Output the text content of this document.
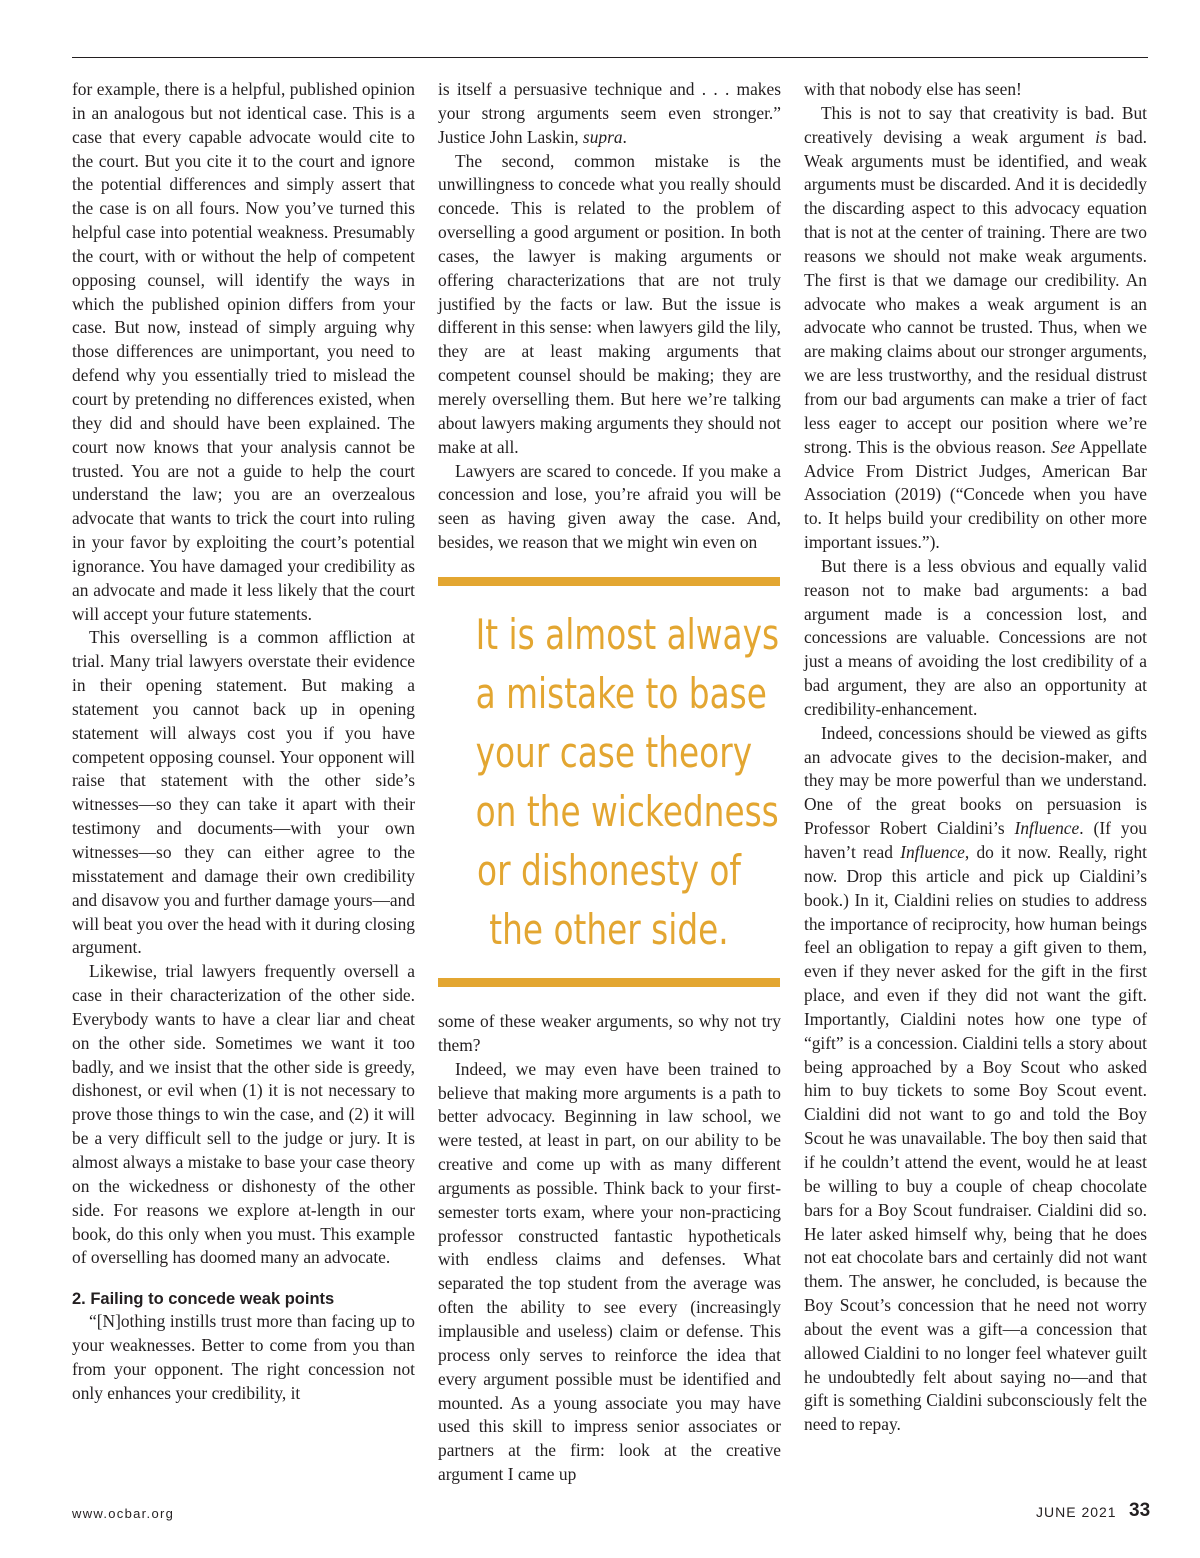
for example, there is a helpful, published opinion in an analogous but not identical case. This is a case that every capable advocate would cite to the court. But you cite it to the court and ignore the potential differences and simply assert that the case is on all fours. Now you’ve turned this helpful case into potential weakness. Presumably the court, with or without the help of competent opposing counsel, will identify the ways in which the published opinion differs from your case. But now, instead of simply arguing why those differences are unimportant, you need to defend why you essentially tried to mislead the court by pretending no differences existed, when they did and should have been explained. The court now knows that your analysis cannot be trusted. You are not a guide to help the court understand the law; you are an overzealous advocate that wants to trick the court into ruling in your favor by exploiting the court’s potential ignorance. You have damaged your credibility as an advocate and made it less likely that the court will accept your future statements.

This overselling is a common affliction at trial. Many trial lawyers overstate their evidence in their opening statement. But making a statement you cannot back up in opening statement will always cost you if you have competent opposing counsel. Your opponent will raise that statement with the other side’s witnesses—so they can take it apart with their testimony and documents—with your own witnesses—so they can either agree to the misstatement and damage their own credibility and disavow you and further damage yours—and will beat you over the head with it during closing argument.

Likewise, trial lawyers frequently oversell a case in their characterization of the other side. Everybody wants to have a clear liar and cheat on the other side. Sometimes we want it too badly, and we insist that the other side is greedy, dishonest, or evil when (1) it is not necessary to prove those things to win the case, and (2) it will be a very difficult sell to the judge or jury. It is almost always a mistake to base your case theory on the wickedness or dishonesty of the other side. For reasons we explore at-length in our book, do this only when you must. This example of overselling has doomed many an advocate.

2. Failing to concede weak points

“[N]othing instills trust more than facing up to your weaknesses. Better to come from you than from your opponent. The right concession not only enhances your credibility, it

is itself a persuasive technique and . . . makes your strong arguments seem even stronger.” Justice John Laskin, supra.

The second, common mistake is the unwillingness to concede what you really should concede. This is related to the problem of overselling a good argument or position. In both cases, the lawyer is making arguments or offering characterizations that are not truly justified by the facts or law. But the issue is different in this sense: when lawyers gild the lily, they are at least making arguments that competent counsel should be making; they are merely overselling them. But here we’re talking about lawyers making arguments they should not make at all.

Lawyers are scared to concede. If you make a concession and lose, you’re afraid you will be seen as having given away the case. And, besides, we reason that we might win even on

It is almost always
a mistake to base
your case theory
on the wickedness
or dishonesty of
the other side.

some of these weaker arguments, so why not try them?

Indeed, we may even have been trained to believe that making more arguments is a path to better advocacy. Beginning in law school, we were tested, at least in part, on our ability to be creative and come up with as many different arguments as possible. Think back to your first-semester torts exam, where your non-practicing professor constructed fantastic hypotheticals with endless claims and defenses. What separated the top student from the average was often the ability to see every (increasingly implausible and useless) claim or defense. This process only serves to reinforce the idea that every argument possible must be identified and mounted. As a young associate you may have used this skill to impress senior associates or partners at the firm: look at the creative argument I came up

with that nobody else has seen!

This is not to say that creativity is bad. But creatively devising a weak argument is bad. Weak arguments must be identified, and weak arguments must be discarded. And it is decidedly the discarding aspect to this advocacy equation that is not at the center of training. There are two reasons we should not make weak arguments. The first is that we damage our credibility. An advocate who makes a weak argument is an advocate who cannot be trusted. Thus, when we are making claims about our stronger arguments, we are less trustworthy, and the residual distrust from our bad arguments can make a trier of fact less eager to accept our position where we’re strong. This is the obvious reason. See Appellate Advice From District Judges, American Bar Association (2019) (“Concede when you have to. It helps build your credibility on other more important issues.”).

But there is a less obvious and equally valid reason not to make bad arguments: a bad argument made is a concession lost, and concessions are valuable. Concessions are not just a means of avoiding the lost credibility of a bad argument, they are also an opportunity at credibility-enhancement.

Indeed, concessions should be viewed as gifts an advocate gives to the decision-maker, and they may be more powerful than we understand. One of the great books on persuasion is Professor Robert Cialdini’s Influence. (If you haven’t read Influence, do it now. Really, right now. Drop this article and pick up Cialdini’s book.) In it, Cialdini relies on studies to address the importance of reciprocity, how human beings feel an obligation to repay a gift given to them, even if they never asked for the gift in the first place, and even if they did not want the gift. Importantly, Cialdini notes how one type of “gift” is a concession. Cialdini tells a story about being approached by a Boy Scout who asked him to buy tickets to some Boy Scout event. Cialdini did not want to go and told the Boy Scout he was unavailable. The boy then said that if he couldn’t attend the event, would he at least be willing to buy a couple of cheap chocolate bars for a Boy Scout fundraiser. Cialdini did so. He later asked himself why, being that he does not eat chocolate bars and certainly did not want them. The answer, he concluded, is because the Boy Scout’s concession that he need not worry about the event was a gift—a concession that allowed Cialdini to no longer feel whatever guilt he undoubtedly felt about saying no—and that gift is something Cialdini subconsciously felt the need to repay.

www.ocbar.org	JUNE 2021 33
